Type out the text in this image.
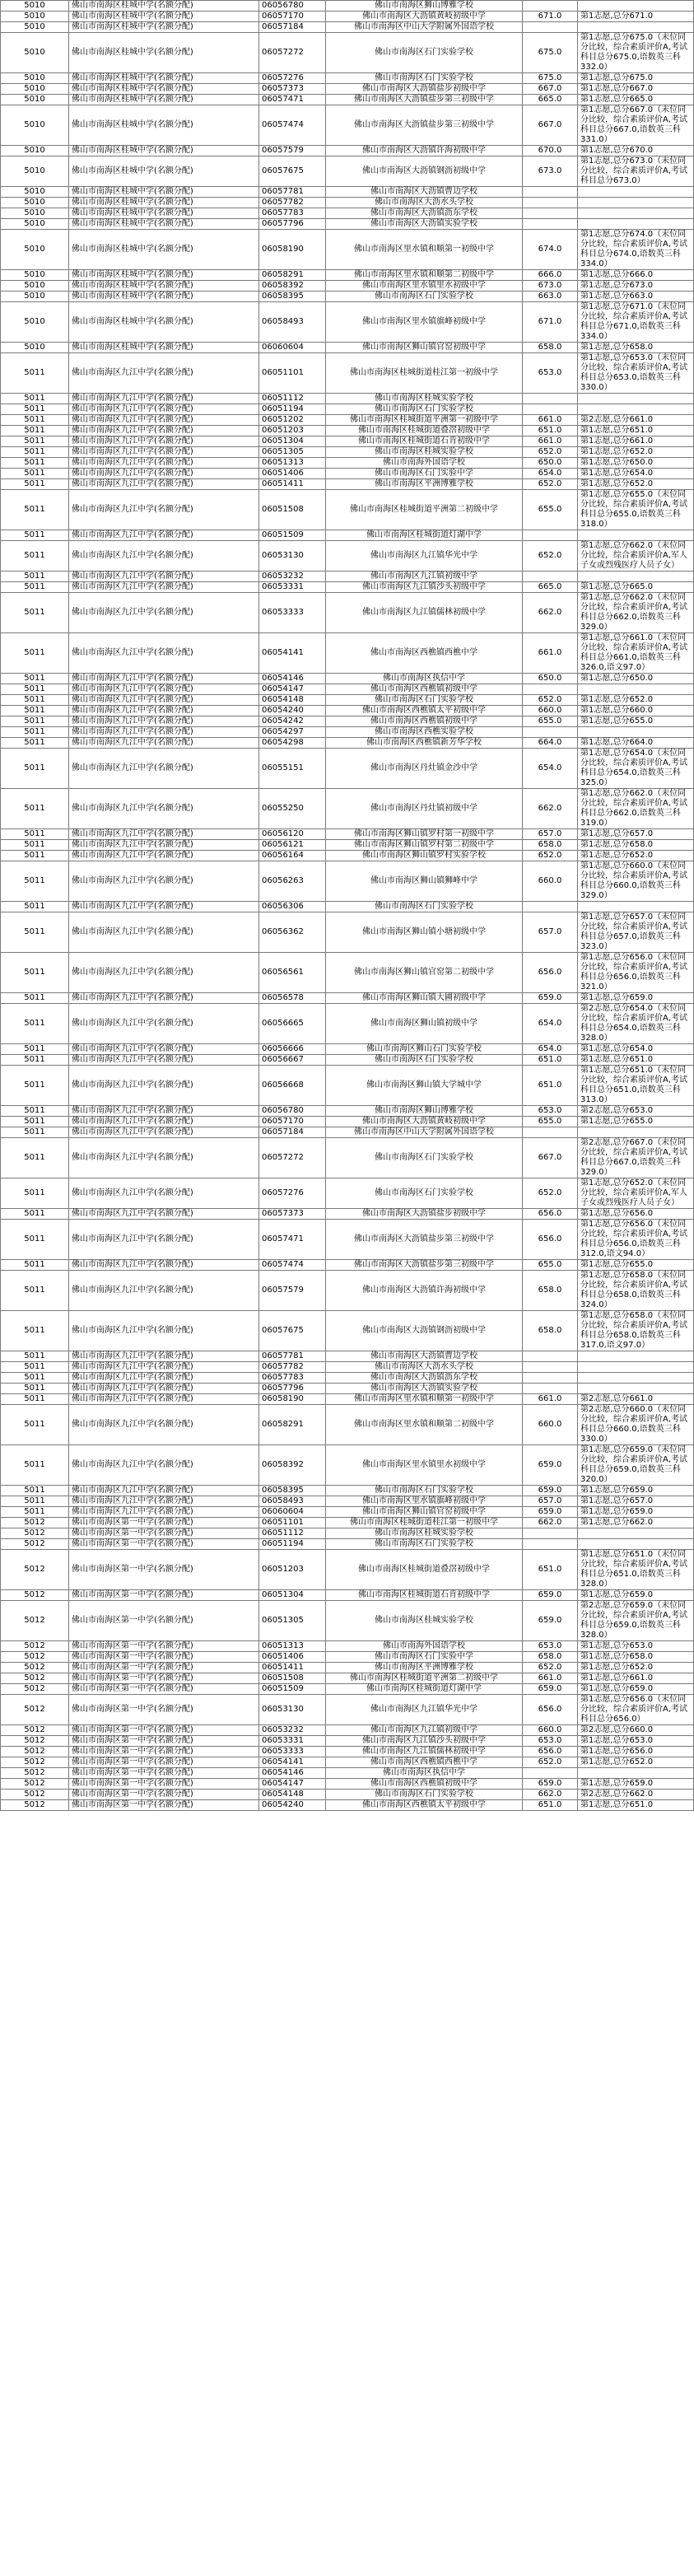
5010	佛山市南海区桂城中学(名额分配)	06056780	佛山市南海区狮山博雅学校		
5010	佛山市南海区桂城中学(名额分配)	06057170	佛山市南海区大沥镇黄岐初级中学	671.0	第1志愿,总分671.0
5010	佛山市南海区桂城中学(名额分配)	06057184	佛山市南海区中山大学附属外国语学校		
5010	佛山市南海区桂城中学(名额分配)	06057272	佛山市南海区石门实验学校	675.0	第1志愿,总分675.0（末位同分比较，综合素质评价A,考试科目总分675.0,语数英三科332.0）
5010	佛山市南海区桂城中学(名额分配)	06057276	佛山市南海区石门实验学校	675.0	第1志愿,总分675.0
5010	佛山市南海区桂城中学(名额分配)	06057373	佛山市南海区大沥镇盐步初级中学	667.0	第1志愿,总分667.0
5010	佛山市南海区桂城中学(名额分配)	06057471	佛山市南海区大沥镇盐步第三初级中学	665.0	第1志愿,总分665.0
5010	佛山市南海区桂城中学(名额分配)	06057474	佛山市南海区大沥镇盐步第三初级中学	667.0	第1志愿,总分667.0（末位同分比较，综合素质评价A,考试科目总分667.0,语数英三科331.0）
5010	佛山市南海区桂城中学(名额分配)	06057579	佛山市南海区大沥镇许海初级中学	670.0	第1志愿,总分670.0
5010	佛山市南海区桂城中学(名额分配)	06057675	佛山市南海区大沥镇钢沥初级中学	673.0	第1志愿,总分673.0（末位同分比较，综合素质评价A,考试科目总分673.0）
5010	佛山市南海区桂城中学(名额分配)	06057781	佛山市南海区大沥镇曹边学校		
5010	佛山市南海区桂城中学(名额分配)	06057782	佛山市南海区大沥水头学校		
5010	佛山市南海区桂城中学(名额分配)	06057783	佛山市南海区大沥镇沥东学校		
5010	佛山市南海区桂城中学(名额分配)	06057796	佛山市南海区大沥镇实验学校		
5010	佛山市南海区桂城中学(名额分配)	06058190	佛山市南海区里水镇和顺第一初级中学	674.0	第1志愿,总分674.0（末位同分比较，综合素质评价A,考试科目总分674.0,语数英三科334.0）
5010	佛山市南海区桂城中学(名额分配)	06058291	佛山市南海区里水镇和顺第二初级中学	666.0	第1志愿,总分666.0
5010	佛山市南海区桂城中学(名额分配)	06058392	佛山市南海区里水镇里水初级中学	673.0	第1志愿,总分673.0
5010	佛山市南海区桂城中学(名额分配)	06058395	佛山市南海区石门实验学校	663.0	第1志愿,总分663.0
5010	佛山市南海区桂城中学(名额分配)	06058493	佛山市南海区里水镇旗峰初级中学	671.0	第1志愿,总分671.0（末位同分比较，综合素质评价A,考试科目总分671.0,语数英三科334.0）
5010	佛山市南海区桂城中学(名额分配)	06060604	佛山市南海区狮山镇官窑初级中学	658.0	第1志愿,总分658.0
5011	佛山市南海区九江中学(名额分配)	06051101	佛山市南海区桂城街道桂江第一初级中学	653.0	第1志愿,总分653.0（末位同分比较，综合素质评价A,考试科目总分653.0,语数英三科330.0）
5011	佛山市南海区九江中学(名额分配)	06051112	佛山市南海区桂城实验学校		
5011	佛山市南海区九江中学(名额分配)	06051194	佛山市南海区石门实验学校		
5011	佛山市南海区九江中学(名额分配)	06051202	佛山市南海区桂城街道平洲第一初级中学	661.0	第2志愿,总分661.0
5011	佛山市南海区九江中学(名额分配)	06051203	佛山市南海区桂城街道叠滘初级中学	651.0	第1志愿,总分651.0
5011	佛山市南海区九江中学(名额分配)	06051304	佛山市南海区桂城街道石肯初级中学	661.0	第1志愿,总分661.0
5011	佛山市南海区九江中学(名额分配)	06051305	佛山市南海区桂城实验学校	652.0	第1志愿,总分652.0
5011	佛山市南海区九江中学(名额分配)	06051313	佛山市南海外国语学校	650.0	第1志愿,总分650.0
5011	佛山市南海区九江中学(名额分配)	06051406	佛山市南海区石门实验中学	654.0	第1志愿,总分654.0
5011	佛山市南海区九江中学(名额分配)	06051411	佛山市南海区平洲博雅学校	652.0	第1志愿,总分652.0
5011	佛山市南海区九江中学(名额分配)	06051508	佛山市南海区桂城街道平洲第二初级中学	655.0	第1志愿,总分655.0（末位同分比较，综合素质评价A,考试科目总分655.0,语数英三科318.0）
5011	佛山市南海区九江中学(名额分配)	06051509	佛山市南海区桂城街道灯湖中学		
5011	佛山市南海区九江中学(名额分配)	06053130	佛山市南海区九江镇华光中学	652.0	第1志愿,总分662.0（末位同分比较，综合素质评价A,军人子女或烈残医疗人员子女）
5011	佛山市南海区九江中学(名额分配)	06053232	佛山市南海区九江镇初级中学		
5011	佛山市南海区九江中学(名额分配)	06053331	佛山市南海区九江镇沙头初级中学	665.0	第1志愿,总分665.0
5011	佛山市南海区九江中学(名额分配)	06053333	佛山市南海区九江镇儒林初级中学	662.0	第1志愿,总分662.0（末位同分比较，综合素质评价A,考试科目总分662.0,语数英三科329.0）
5011	佛山市南海区九江中学(名额分配)	06054141	佛山市南海区西樵镇西樵中学	661.0	第1志愿,总分661.0（末位同分比较，综合素质评价A,考试科目总分661.0,语数英三科326.0,语文97.0）
5011	佛山市南海区九江中学(名额分配)	06054146	佛山市南海区执信中学	650.0	第1志愿,总分650.0
5011	佛山市南海区九江中学(名额分配)	06054147	佛山市南海区西樵镇初级中学		
5011	佛山市南海区九江中学(名额分配)	06054148	佛山市南海区石门实验学校	652.0	第1志愿,总分652.0
5011	佛山市南海区九江中学(名额分配)	06054240	佛山市南海区西樵镇太平初级中学	660.0	第1志愿,总分660.0
5011	佛山市南海区九江中学(名额分配)	06054242	佛山市南海区西樵镇初级中学	655.0	第1志愿,总分655.0
5011	佛山市南海区九江中学(名额分配)	06054297	佛山市南海区西樵实验学校		
5011	佛山市南海区九江中学(名额分配)	06054298	佛山市南海区西樵镇新芳华学校	664.0	第1志愿,总分664.0
5011	佛山市南海区九江中学(名额分配)	06055151	佛山市南海区丹灶镇金沙中学	654.0	第1志愿,总分654.0（末位同分比较，综合素质评价A,考试科目总分654.0,语数英三科325.0）
5011	佛山市南海区九江中学(名额分配)	06055250	佛山市南海区丹灶镇初级中学	662.0	第1志愿,总分662.0（末位同分比较，综合素质评价A,考试科目总分662.0,语数英三科319.0）
5011	佛山市南海区九江中学(名额分配)	06056120	佛山市南海区狮山镇罗村第一初级中学	657.0	第1志愿,总分657.0
5011	佛山市南海区九江中学(名额分配)	06056121	佛山市南海区狮山镇罗村第二初级中学	658.0	第1志愿,总分658.0
5011	佛山市南海区九江中学(名额分配)	06056164	佛山市南海区狮山镇罗村实验学校	652.0	第1志愿,总分652.0
5011	佛山市南海区九江中学(名额分配)	06056263	佛山市南海区狮山镇狮峰中学	660.0	第1志愿,总分660.0（末位同分比较，综合素质评价A,考试科目总分660.0,语数英三科329.0）
5011	佛山市南海区九江中学(名额分配)	06056306	佛山市南海区石门实验学校		
5011	佛山市南海区九江中学(名额分配)	06056362	佛山市南海区狮山镇小塘初级中学	657.0	第1志愿,总分657.0（末位同分比较，综合素质评价A,考试科目总分657.0,语数英三科323.0）
5011	佛山市南海区九江中学(名额分配)	06056561	佛山市南海区狮山镇官窑第二初级中学	656.0	第1志愿,总分656.0（末位同分比较，综合素质评价A,考试科目总分656.0,语数英三科321.0）
5011	佛山市南海区九江中学(名额分配)	06056578	佛山市南海区狮山镇大圃初级中学	659.0	第1志愿,总分659.0
5011	佛山市南海区九江中学(名额分配)	06056665	佛山市南海区狮山镇初级中学	654.0	第2志愿,总分654.0（末位同分比较，综合素质评价A,考试科目总分654.0,语数英三科328.0）
5011	佛山市南海区九江中学(名额分配)	06056666	佛山市南海区狮山石门实验学校	654.0	第1志愿,总分654.0
5011	佛山市南海区九江中学(名额分配)	06056667	佛山市南海区石门实验学校	651.0	第1志愿,总分651.0
5011	佛山市南海区九江中学(名额分配)	06056668	佛山市南海区狮山镇大学城中学	651.0	第1志愿,总分651.0（末位同分比较，综合素质评价A,考试科目总分651.0,语数英三科313.0）
5011	佛山市南海区九江中学(名额分配)	06056780	佛山市南海区狮山博雅学校	653.0	第2志愿,总分653.0
5011	佛山市南海区九江中学(名额分配)	06057170	佛山市南海区大沥镇黄岐初级中学	655.0	第1志愿,总分655.0
5011	佛山市南海区九江中学(名额分配)	06057184	佛山市南海区中山大学附属外国语学校		
5011	佛山市南海区九江中学(名额分配)	06057272	佛山市南海区石门实验学校	667.0	第2志愿,总分667.0（末位同分比较，综合素质评价A,考试科目总分667.0,语数英三科329.0）
5011	佛山市南海区九江中学(名额分配)	06057276	佛山市南海区石门实验学校	652.0	第1志愿,总分652.0（末位同分比较，综合素质评价A,军人子女或烈残医疗人员子女）
5011	佛山市南海区九江中学(名额分配)	06057373	佛山市南海区大沥镇盐步初级中学	656.0	第1志愿,总分656.0
5011	佛山市南海区九江中学(名额分配)	06057471	佛山市南海区大沥镇盐步第三初级中学	656.0	第1志愿,总分656.0（末位同分比较，综合素质评价A,考试科目总分656.0,语数英三科312.0,语文94.0）
5011	佛山市南海区九江中学(名额分配)	06057474	佛山市南海区大沥镇盐步第三初级中学	655.0	第1志愿,总分655.0
5011	佛山市南海区九江中学(名额分配)	06057579	佛山市南海区大沥镇许海初级中学	658.0	第1志愿,总分658.0（末位同分比较，综合素质评价A,考试科目总分658.0,语数英三科324.0）
5011	佛山市南海区九江中学(名额分配)	06057675	佛山市南海区大沥镇钢沥初级中学	658.0	第1志愿,总分658.0（末位同分比较，综合素质评价A,考试科目总分658.0,语数英三科317.0,语文97.0）
5011	佛山市南海区九江中学(名额分配)	06057781	佛山市南海区大沥镇曹边学校		
5011	佛山市南海区九江中学(名额分配)	06057782	佛山市南海区大沥水头学校		
5011	佛山市南海区九江中学(名额分配)	06057783	佛山市南海区大沥镇沥东学校		
5011	佛山市南海区九江中学(名额分配)	06057796	佛山市南海区大沥镇实验学校		
5011	佛山市南海区九江中学(名额分配)	06058190	佛山市南海区里水镇和顺第一初级中学	661.0	第2志愿,总分661.0
5011	佛山市南海区九江中学(名额分配)	06058291	佛山市南海区里水镇和顺第二初级中学	660.0	第2志愿,总分660.0（末位同分比较，综合素质评价A,考试科目总分660.0,语数英三科330.0）
5011	佛山市南海区九江中学(名额分配)	06058392	佛山市南海区里水镇里水初级中学	659.0	第1志愿,总分659.0（末位同分比较，综合素质评价A,考试科目总分659.0,语数英三科320.0）
5011	佛山市南海区九江中学(名额分配)	06058395	佛山市南海区石门实验学校	659.0	第1志愿,总分659.0
5011	佛山市南海区九江中学(名额分配)	06058493	佛山市南海区里水镇旗峰初级中学	657.0	第1志愿,总分657.0
5011	佛山市南海区九江中学(名额分配)	06060604	佛山市南海区狮山镇官窑初级中学	659.0	第1志愿,总分659.0
5012	佛山市南海区第一中学(名额分配)	06051101	佛山市南海区桂城街道桂江第一初级中学	662.0	第1志愿,总分662.0
5012	佛山市南海区第一中学(名额分配)	06051112	佛山市南海区桂城实验学校		
5012	佛山市南海区第一中学(名额分配)	06051194	佛山市南海区石门实验学校		
5012	佛山市南海区第一中学(名额分配)	06051203	佛山市南海区桂城街道叠滘初级中学	651.0	第1志愿,总分651.0（末位同分比较，综合素质评价A,考试科目总分651.0,语数英三科328.0）
5012	佛山市南海区第一中学(名额分配)	06051304	佛山市南海区桂城街道石肯初级中学	659.0	第1志愿,总分659.0
5012	佛山市南海区第一中学(名额分配)	06051305	佛山市南海区桂城实验学校	659.0	第2志愿,总分659.0（末位同分比较，综合素质评价A,考试科目总分659.0,语数英三科328.0）
5012	佛山市南海区第一中学(名额分配)	06051313	佛山市南海外国语学校	653.0	第1志愿,总分653.0
5012	佛山市南海区第一中学(名额分配)	06051406	佛山市南海区石门实验中学	658.0	第1志愿,总分658.0
5012	佛山市南海区第一中学(名额分配)	06051411	佛山市南海区平洲博雅学校	652.0	第1志愿,总分652.0
5012	佛山市南海区第一中学(名额分配)	06051508	佛山市南海区桂城街道平洲第二初级中学	661.0	第1志愿,总分661.0
5012	佛山市南海区第一中学(名额分配)	06051509	佛山市南海区桂城街道灯湖中学	659.0	第1志愿,总分659.0
5012	佛山市南海区第一中学(名额分配)	06053130	佛山市南海区九江镇华光中学	656.0	第1志愿,总分656.0（末位同分比较，综合素质评价A,考试科目总分656.0）
5012	佛山市南海区第一中学(名额分配)	06053232	佛山市南海区九江镇初级中学	660.0	第2志愿,总分660.0
5012	佛山市南海区第一中学(名额分配)	06053331	佛山市南海区九江镇沙头初级中学	653.0	第1志愿,总分653.0
5012	佛山市南海区第一中学(名额分配)	06053333	佛山市南海区九江镇儒林初级中学	656.0	第1志愿,总分656.0
5012	佛山市南海区第一中学(名额分配)	06054141	佛山市南海区西樵镇西樵中学	652.0	第1志愿,总分652.0
5012	佛山市南海区第一中学(名额分配)	06054146	佛山市南海区执信中学		
5012	佛山市南海区第一中学(名额分配)	06054147	佛山市南海区西樵镇初级中学	659.0	第1志愿,总分659.0
5012	佛山市南海区第一中学(名额分配)	06054148	佛山市南海区石门实验学校	662.0	第2志愿,总分662.0
5012	佛山市南海区第一中学(名额分配)	06054240	佛山市南海区西樵镇太平初级中学	651.0	第1志愿,总分651.0
